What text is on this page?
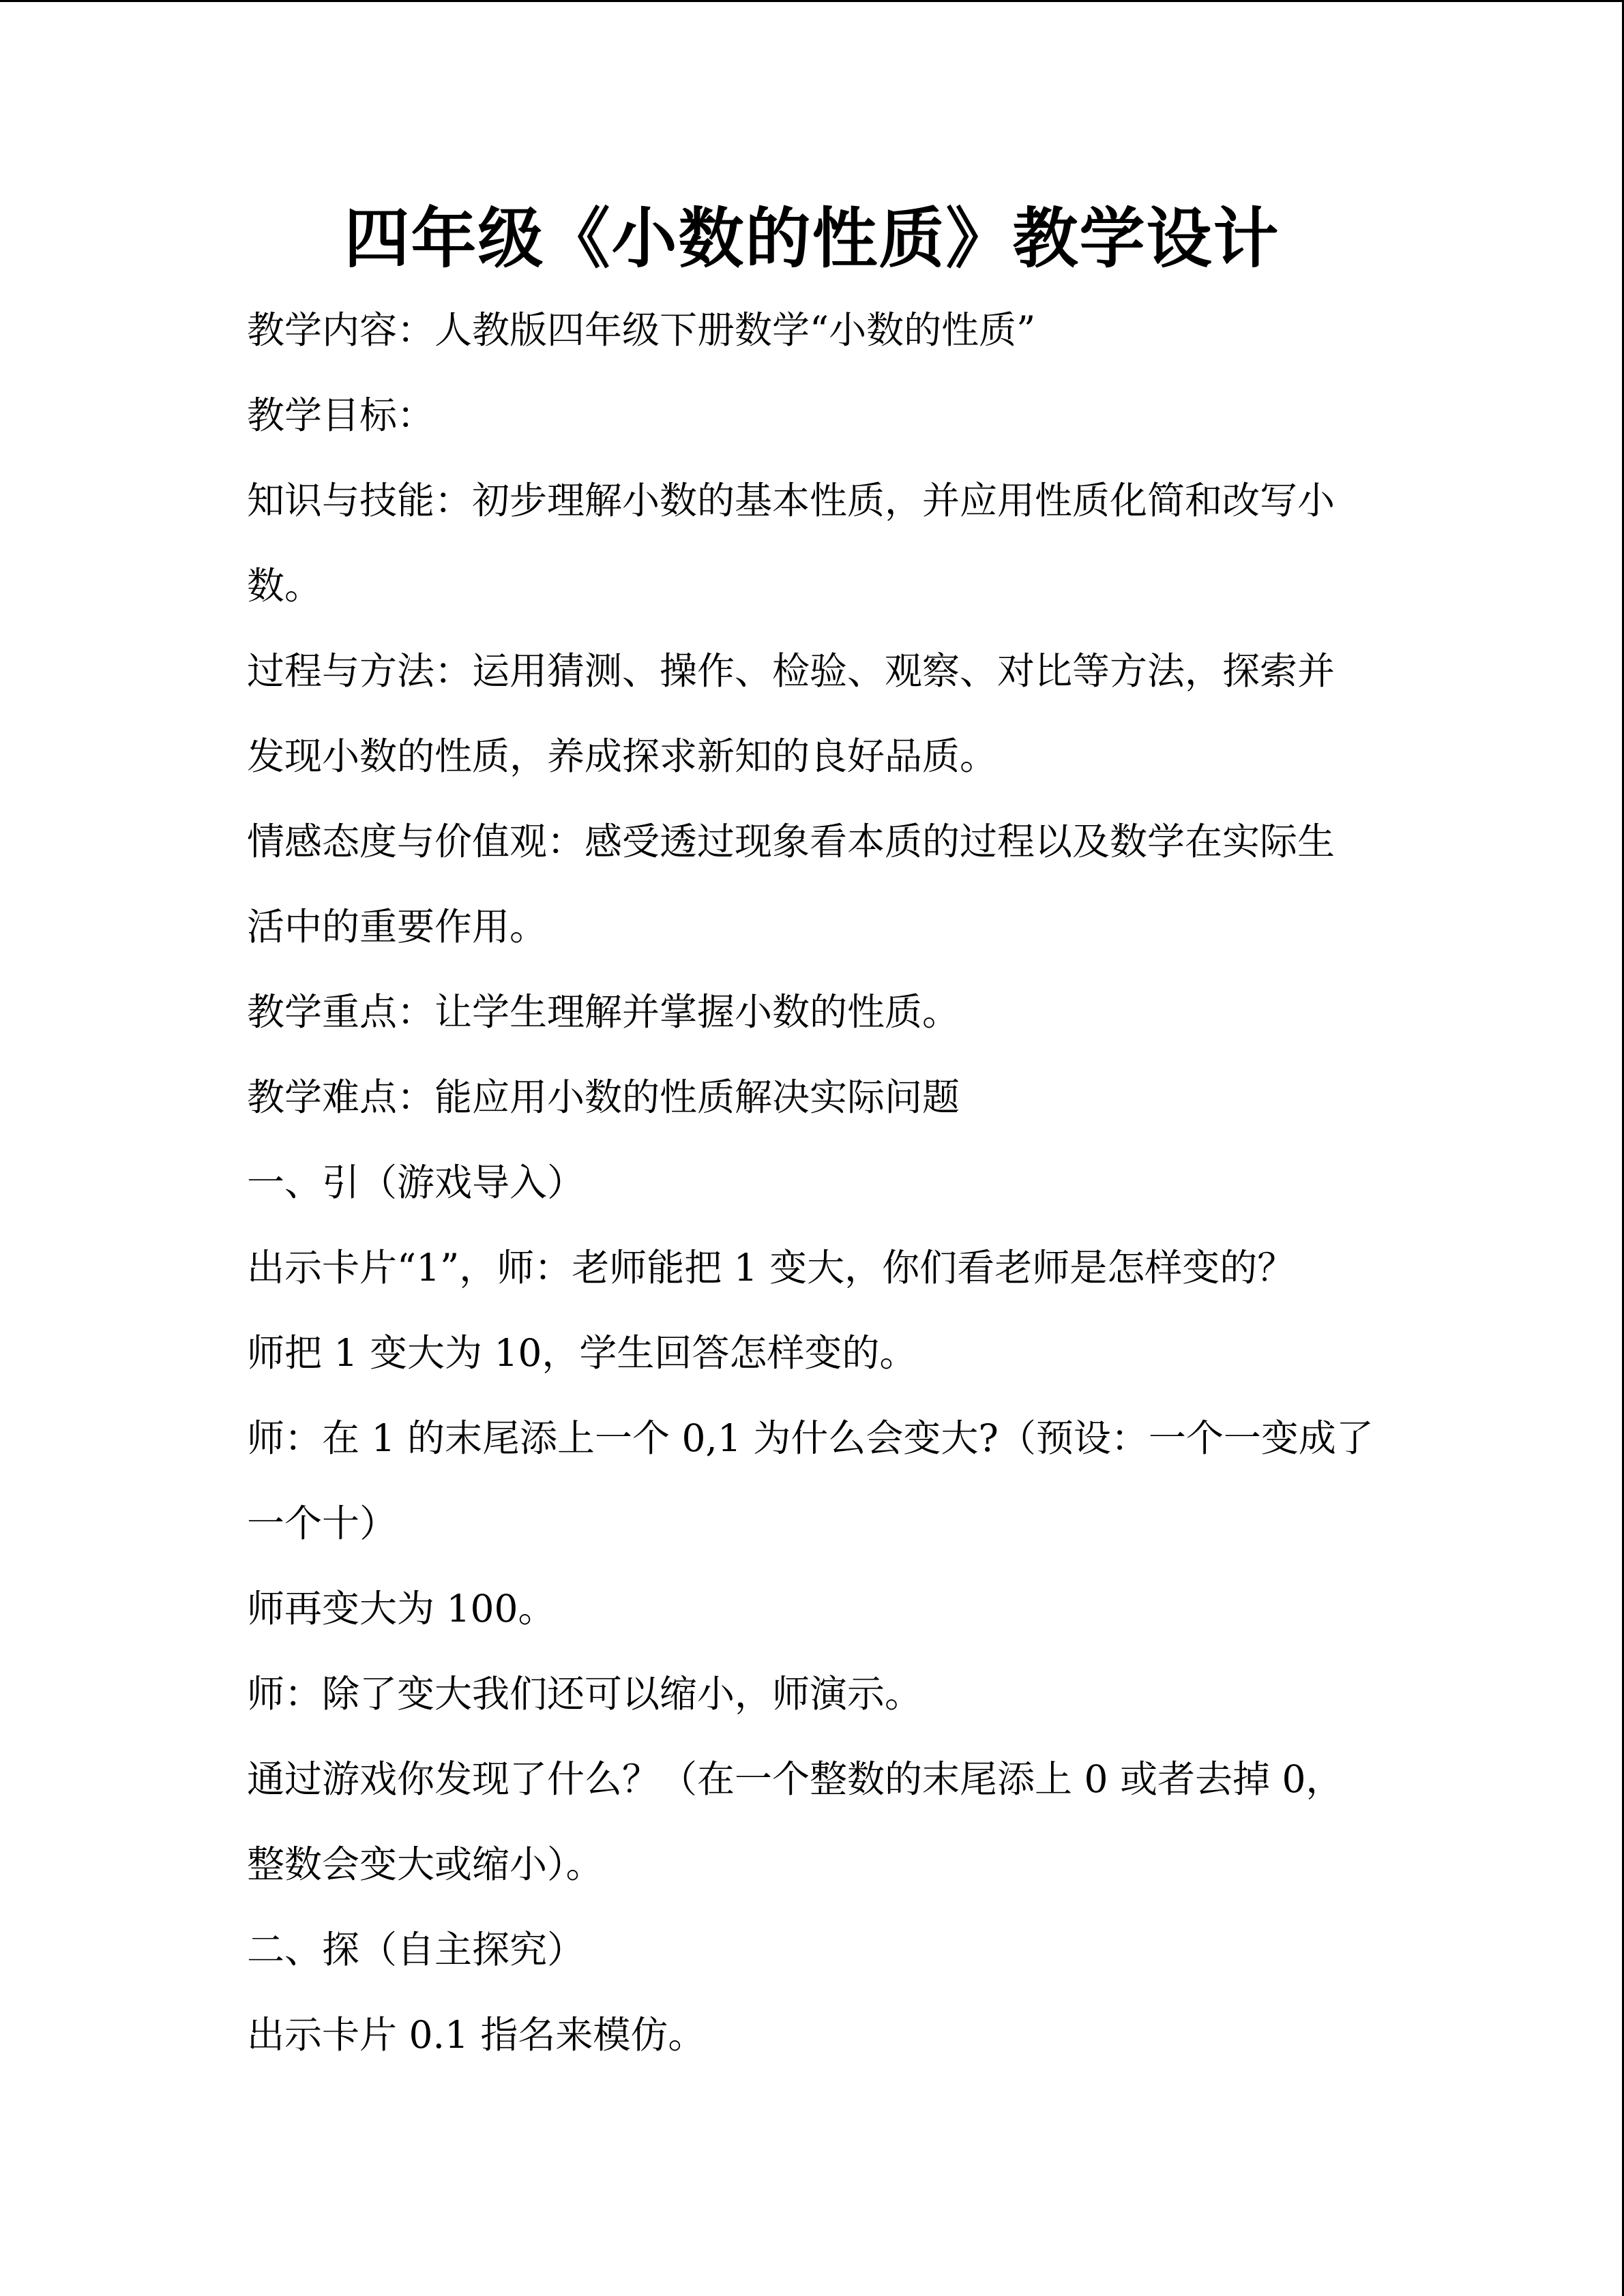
四年级《小数的性质》教学设计

教学内容：人教版四年级下册数学“小数的性质”

教学目标：

知识与技能：初步理解小数的基本性质，并应用性质化简和改写小

数。

过程与方法：运用猜测、操作、检验、观察、对比等方法，探索并

发现小数的性质，养成探求新知的良好品质。

情感态度与价值观：感受透过现象看本质的过程以及数学在实际生

活中的重要作用。

教学重点：让学生理解并掌握小数的性质。

教学难点：能应用小数的性质解决实际问题

一、引（游戏导入）

出示卡片“1”，师：老师能把 1 变大，你们看老师是怎样变的？

师把 1 变大为 10，学生回答怎样变的。

师：在 1 的末尾添上一个 0,1 为什么会变大?（预设：一个一变成了

一个十）

师再变大为 100。

师：除了变大我们还可以缩小，师演示。

通过游戏你发现了什么？（在一个整数的末尾添上 0 或者去掉 0，

整数会变大或缩小）。

二、探（自主探究）

出示卡片 0.1 指名来模仿。
